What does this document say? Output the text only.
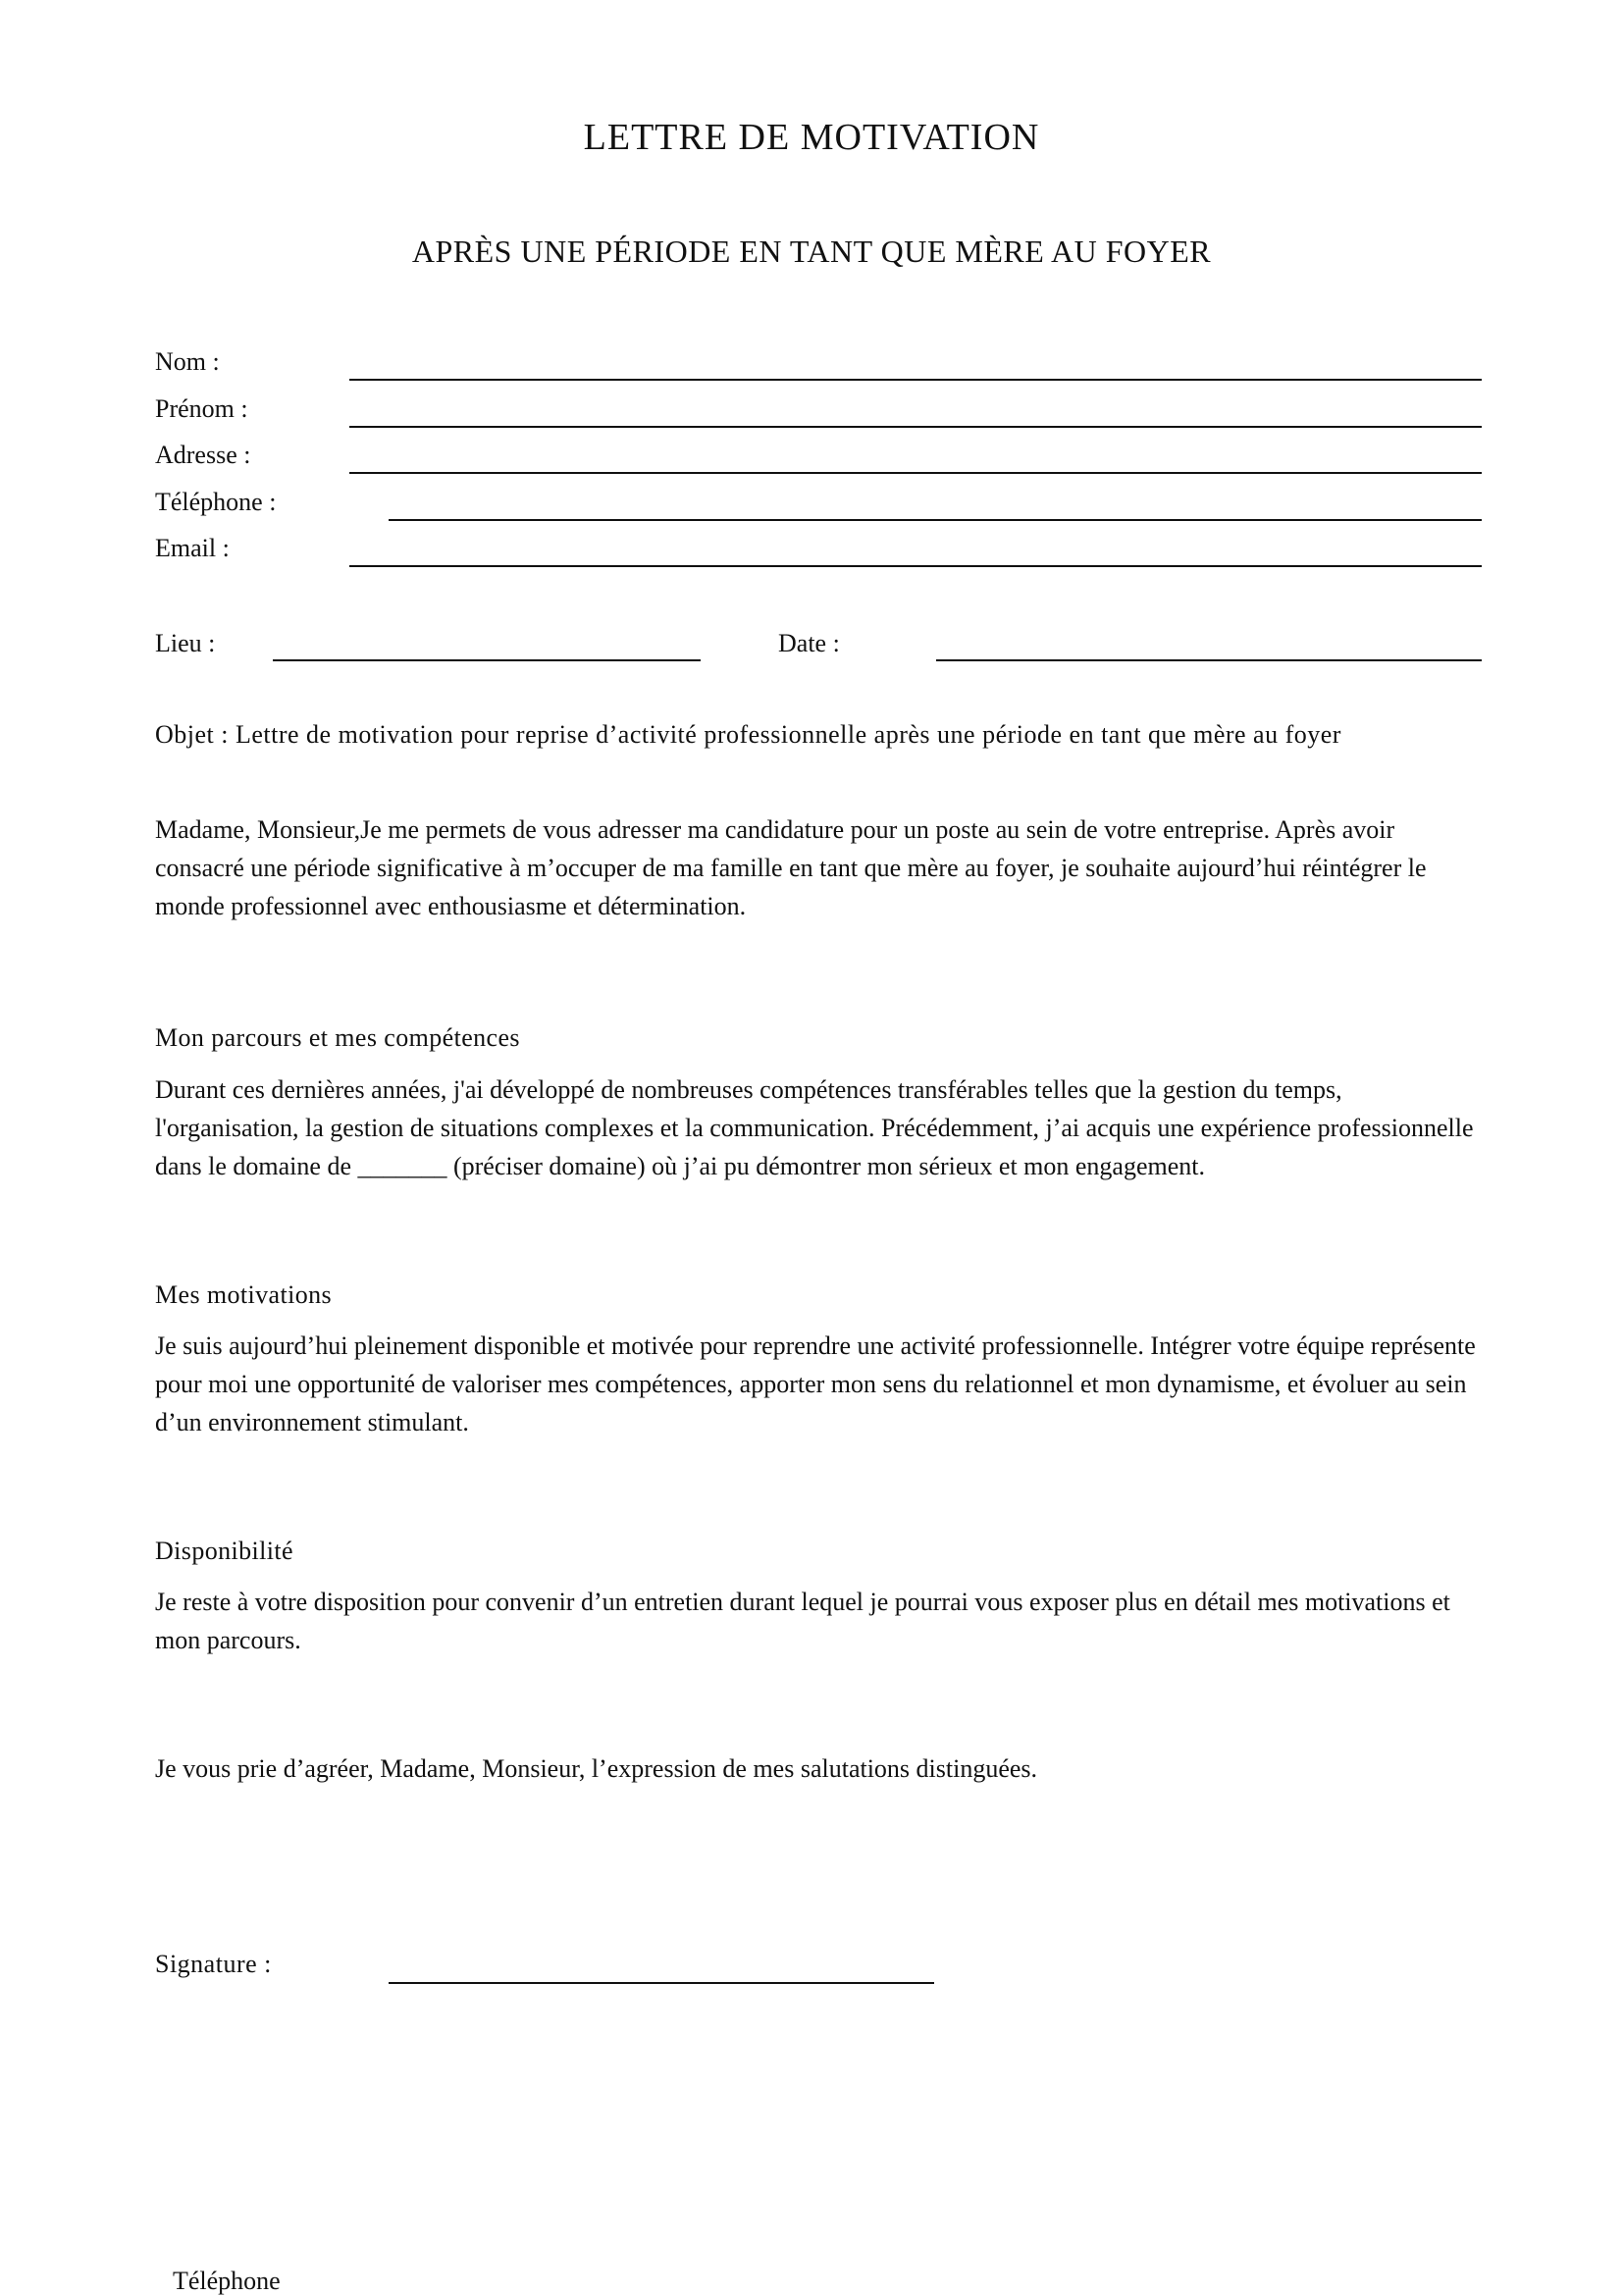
LETTRE DE MOTIVATION
APRÈS UNE PÉRIODE EN TANT QUE MÈRE AU FOYER
Nom :
Prénom :
Adresse :
Téléphone :
Email :
Lieu :	Date :
Objet : Lettre de motivation pour reprise d’activité professionnelle après une période en tant que mère au foyer
Madame, Monsieur,Je me permets de vous adresser ma candidature pour un poste au sein de votre entreprise. Après avoir consacré une période significative à m’occuper de ma famille en tant que mère au foyer, je souhaite aujourd’hui réintégrer le monde professionnel avec enthousiasme et détermination.
Mon parcours et mes compétences
Durant ces dernières années, j'ai développé de nombreuses compétences transférables telles que la gestion du temps, l'organisation, la gestion de situations complexes et la communication. Précédemment, j’ai acquis une expérience professionnelle dans le domaine de _______ (préciser domaine) où j’ai pu démontrer mon sérieux et mon engagement.
Mes motivations
Je suis aujourd’hui pleinement disponible et motivée pour reprendre une activité professionnelle. Intégrer votre équipe représente pour moi une opportunité de valoriser mes compétences, apporter mon sens du relationnel et mon dynamisme, et évoluer au sein d’un environnement stimulant.
Disponibilité
Je reste à votre disposition pour convenir d’un entretien durant lequel je pourrai vous exposer plus en détail mes motivations et mon parcours.
Je vous prie d’agréer, Madame, Monsieur, l’expression de mes salutations distinguées.
Signature :
Téléphone
